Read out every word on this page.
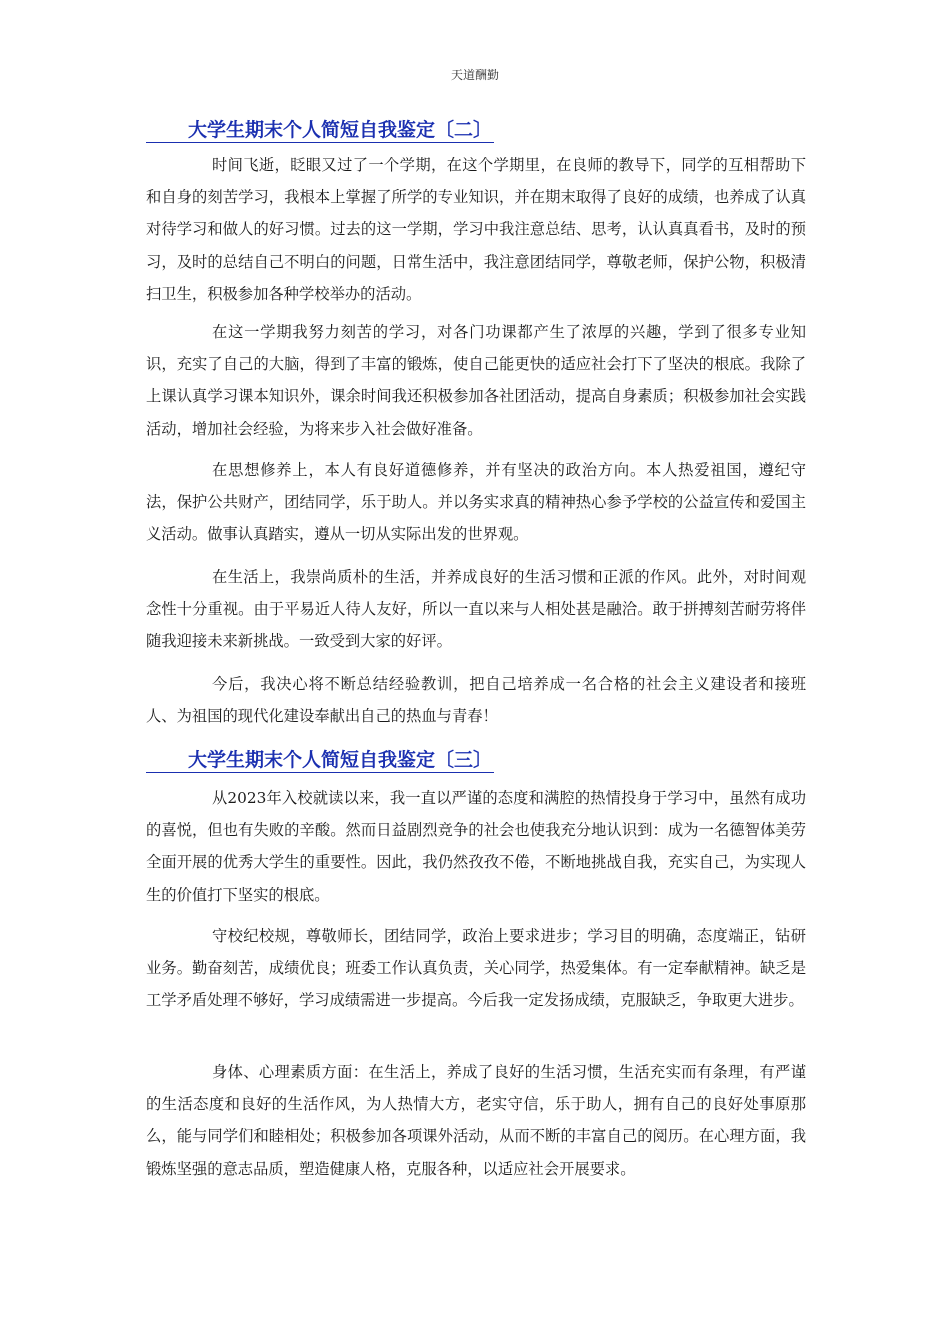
天道酬勤
大学生期末个人简短自我鉴定〔二〕

时间飞逝，眨眼又过了一个学期，在这个学期里，在良师的教导下，同学的互相帮助下和自身的刻苦学习，我根本上掌握了所学的专业知识，并在期末取得了良好的成绩，也养成了认真对待学习和做人的好习惯。过去的这一学期，学习中我注意总结、思考，认认真真看书，及时的预习，及时的总结自己不明白的问题，日常生活中，我注意团结同学，尊敬老师，保护公物，积极清扫卫生，积极参加各种学校举办的活动。

在这一学期我努力刻苦的学习，对各门功课都产生了浓厚的兴趣，学到了很多专业知识，充实了自己的大脑，得到了丰富的锻炼，使自己能更快的适应社会打下了坚决的根底。我除了上课认真学习课本知识外，课余时间我还积极参加各社团活动，提高自身素质；积极参加社会实践活动，增加社会经验，为将来步入社会做好准备。

在思想修养上，本人有良好道德修养，并有坚决的政治方向。本人热爱祖国，遵纪守法，保护公共财产，团结同学，乐于助人。并以务实求真的精神热心参予学校的公益宣传和爱国主义活动。做事认真踏实，遵从一切从实际出发的世界观。

在生活上，我崇尚质朴的生活，并养成良好的生活习惯和正派的作风。此外，对时间观念性十分重视。由于平易近人待人友好，所以一直以来与人相处甚是融洽。敢于拼搏刻苦耐劳将伴随我迎接未来新挑战。一致受到大家的好评。

今后，我决心将不断总结经验教训，把自己培养成一名合格的社会主义建设者和接班人、为祖国的现代化建设奉献出自己的热血与青春！

大学生期末个人简短自我鉴定〔三〕

从2023年入校就读以来，我一直以严谨的态度和满腔的热情投身于学习中，虽然有成功的喜悦，但也有失败的辛酸。然而日益剧烈竞争的社会也使我充分地认识到：成为一名德智体美劳全面开展的优秀大学生的重要性。因此，我仍然孜孜不倦，不断地挑战自我，充实自己，为实现人生的价值打下坚实的根底。

守校纪校规，尊敬师长，团结同学，政治上要求进步；学习目的明确，态度端正，钻研业务。勤奋刻苦，成绩优良；班委工作认真负责，关心同学，热爱集体。有一定奉献精神。缺乏是工学矛盾处理不够好，学习成绩需进一步提高。今后我一定发扬成绩，克服缺乏，争取更大进步。

身体、心理素质方面：在生活上，养成了良好的生活习惯，生活充实而有条理，有严谨的生活态度和良好的生活作风，为人热情大方，老实守信，乐于助人，拥有自己的良好处事原那么，能与同学们和睦相处；积极参加各项课外活动，从而不断的丰富自己的阅历。在心理方面，我锻炼坚强的意志品质，塑造健康人格，克服各种，以适应社会开展要求。
